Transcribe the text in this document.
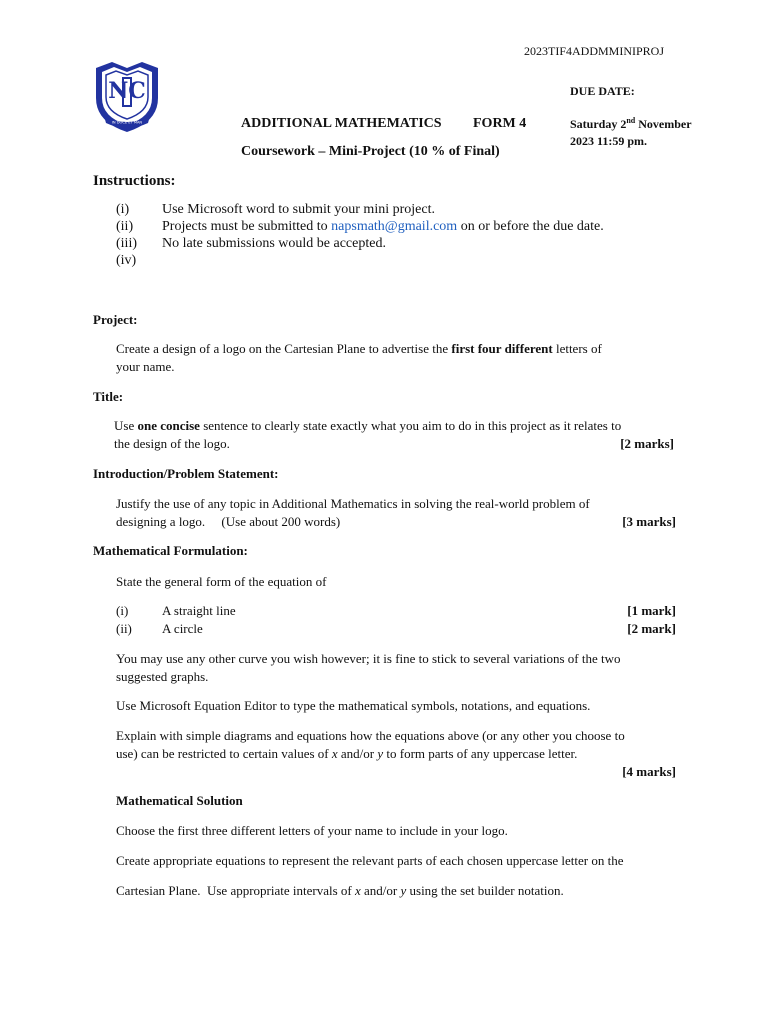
2023TIF4ADDMMINIPROJ
NC
IN DOCE ET MAN
DUE DATE:
Saturday 2nd November
2023 11:59 pm.
ADDITIONAL MATHEMATICS FORM 4
Coursework – Mini-Project (10 % of Final)
Instructions:
(i)	Use Microsoft word to submit your mini project.
(ii)	Projects must be submitted to napsmath@gmail.com on or before the due date.
(iii)	No late submissions would be accepted.
(iv)
Project:
Create a design of a logo on the Cartesian Plane to advertise the first four different letters of
your name.
Title:
Use one concise sentence to clearly state exactly what you aim to do in this project as it relates to
the design of the logo.	[2 marks]
Introduction/Problem Statement:
Justify the use of any topic in Additional Mathematics in solving the real-world problem of
designing a logo.     (Use about 200 words)	[3 marks]
Mathematical Formulation:
State the general form of the equation of
(i)	A straight line	[1 mark]
(ii)	A circle	[2 mark]
You may use any other curve you wish however; it is fine to stick to several variations of the two
suggested graphs.
Use Microsoft Equation Editor to type the mathematical symbols, notations, and equations.
Explain with simple diagrams and equations how the equations above (or any other you choose to
use) can be restricted to certain values of x and/or y to form parts of any uppercase letter.
[4 marks]
Mathematical Solution
Choose the first three different letters of your name to include in your logo.
Create appropriate equations to represent the relevant parts of each chosen uppercase letter on the
Cartesian Plane.  Use appropriate intervals of x and/or y using the set builder notation.
